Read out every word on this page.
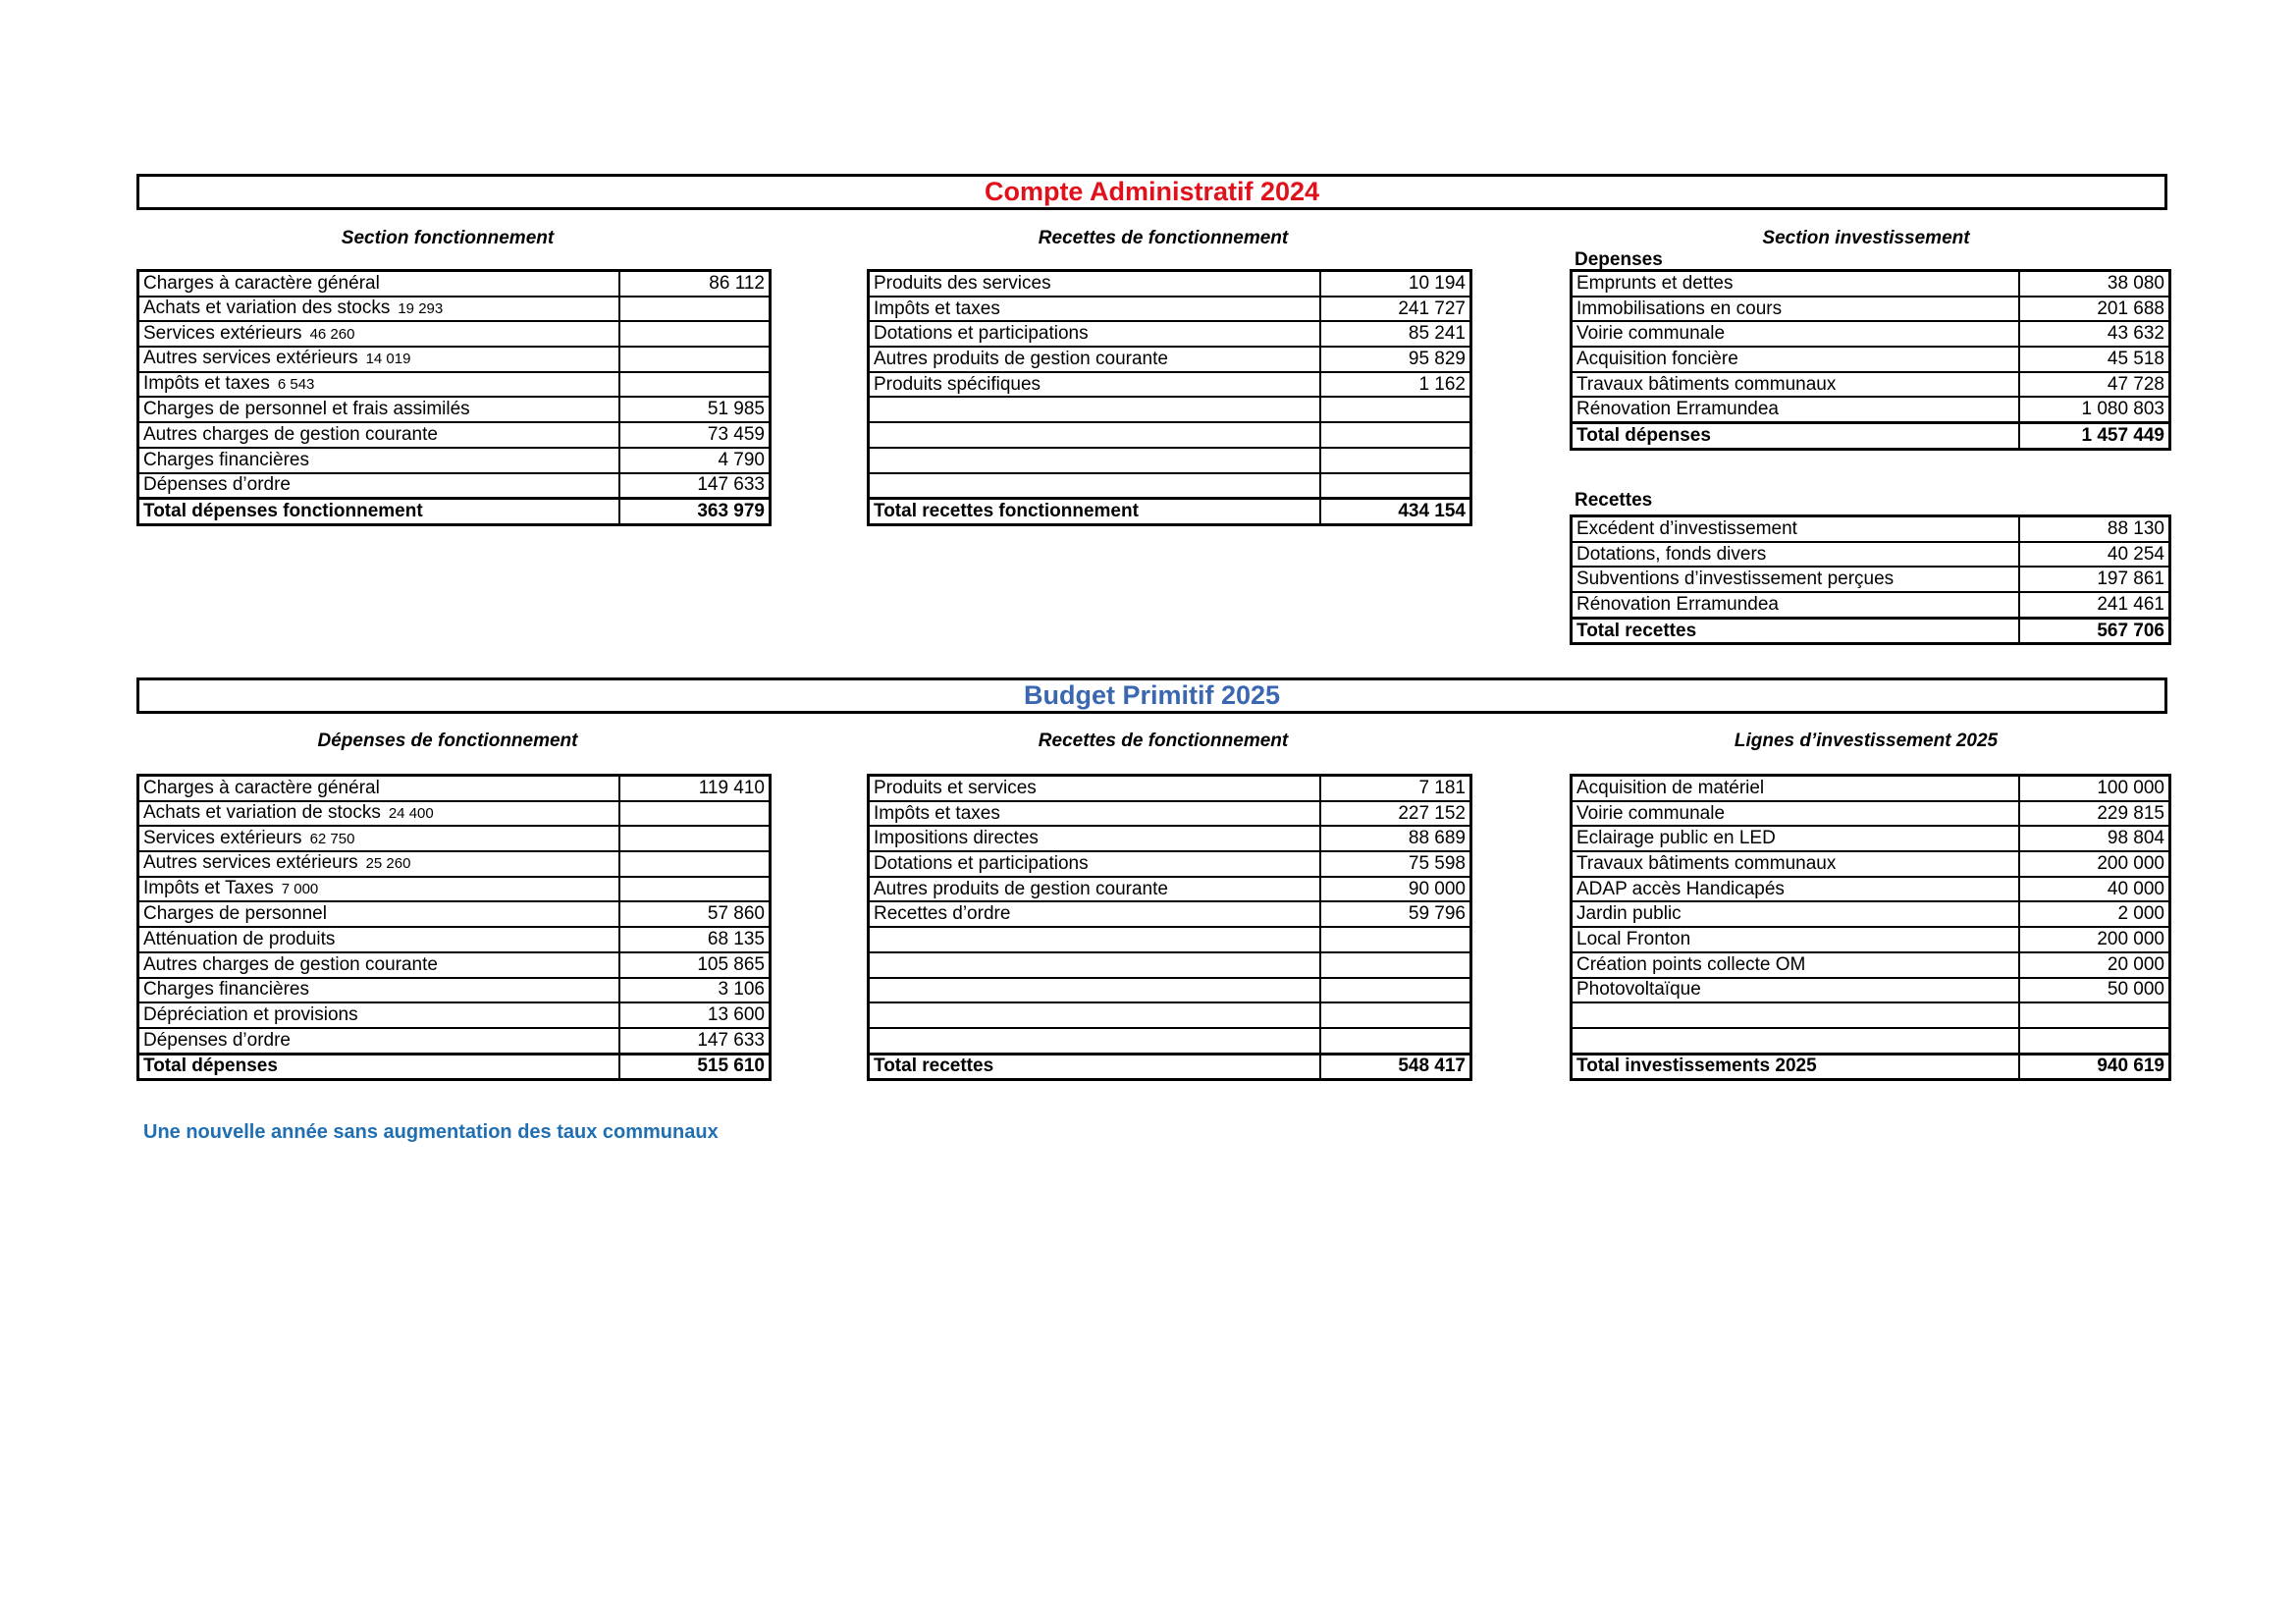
Compte Administratif 2024
Section fonctionnement	Recettes de fonctionnement	Section investissement
Charges à caractère général	86 112
Achats et variation des stocks 19 293	
Services extérieurs 46 260	
Autres services extérieurs 14 019	
Impôts et taxes 6 543	
Charges de personnel et frais assimilés	51 985
Autres charges de gestion courante	73 459
Charges financières	4 790
Dépenses d’ordre	147 633
Total dépenses fonctionnement	363 979
Produits des services	10 194
Impôts et taxes	241 727
Dotations et participations	85 241
Autres produits de gestion courante	95 829
Produits spécifiques	1 162

Total recettes fonctionnement	434 154
Depenses
Emprunts et dettes	38 080
Immobilisations en cours	201 688
Voirie communale	43 632
Acquisition foncière	45 518
Travaux bâtiments communaux	47 728
Rénovation Erramundea	1 080 803
Total dépenses	1 457 449
Recettes
Excédent d’investissement	88 130
Dotations, fonds divers	40 254
Subventions d’investissement perçues	197 861
Rénovation Erramundea	241 461
Total recettes	567 706
Budget Primitif 2025
Dépenses de fonctionnement	Recettes de fonctionnement	Lignes d’investissement 2025
Charges à caractère général	119 410
Achats et variation de stocks 24 400	
Services extérieurs 62 750	
Autres services extérieurs 25 260	
Impôts et Taxes 7 000	
Charges de personnel	57 860
Atténuation de produits	68 135
Autres charges de gestion courante	105 865
Charges financières	3 106
Dépréciation et provisions	13 600
Dépenses d’ordre	147 633
Total dépenses	515 610
Produits et services	7 181
Impôts et taxes	227 152
Impositions directes	88 689
Dotations et participations	75 598
Autres produits de gestion courante	90 000
Recettes d’ordre	59 796

Total recettes	548 417
Acquisition de matériel	100 000
Voirie communale	229 815
Eclairage public en LED	98 804
Travaux bâtiments communaux	200 000
ADAP accès Handicapés	40 000
Jardin public	2 000
Local Fronton	200 000
Création points collecte OM	20 000
Photovoltaïque	50 000

Total investissements 2025	940 619
Une nouvelle année sans augmentation des taux communaux
